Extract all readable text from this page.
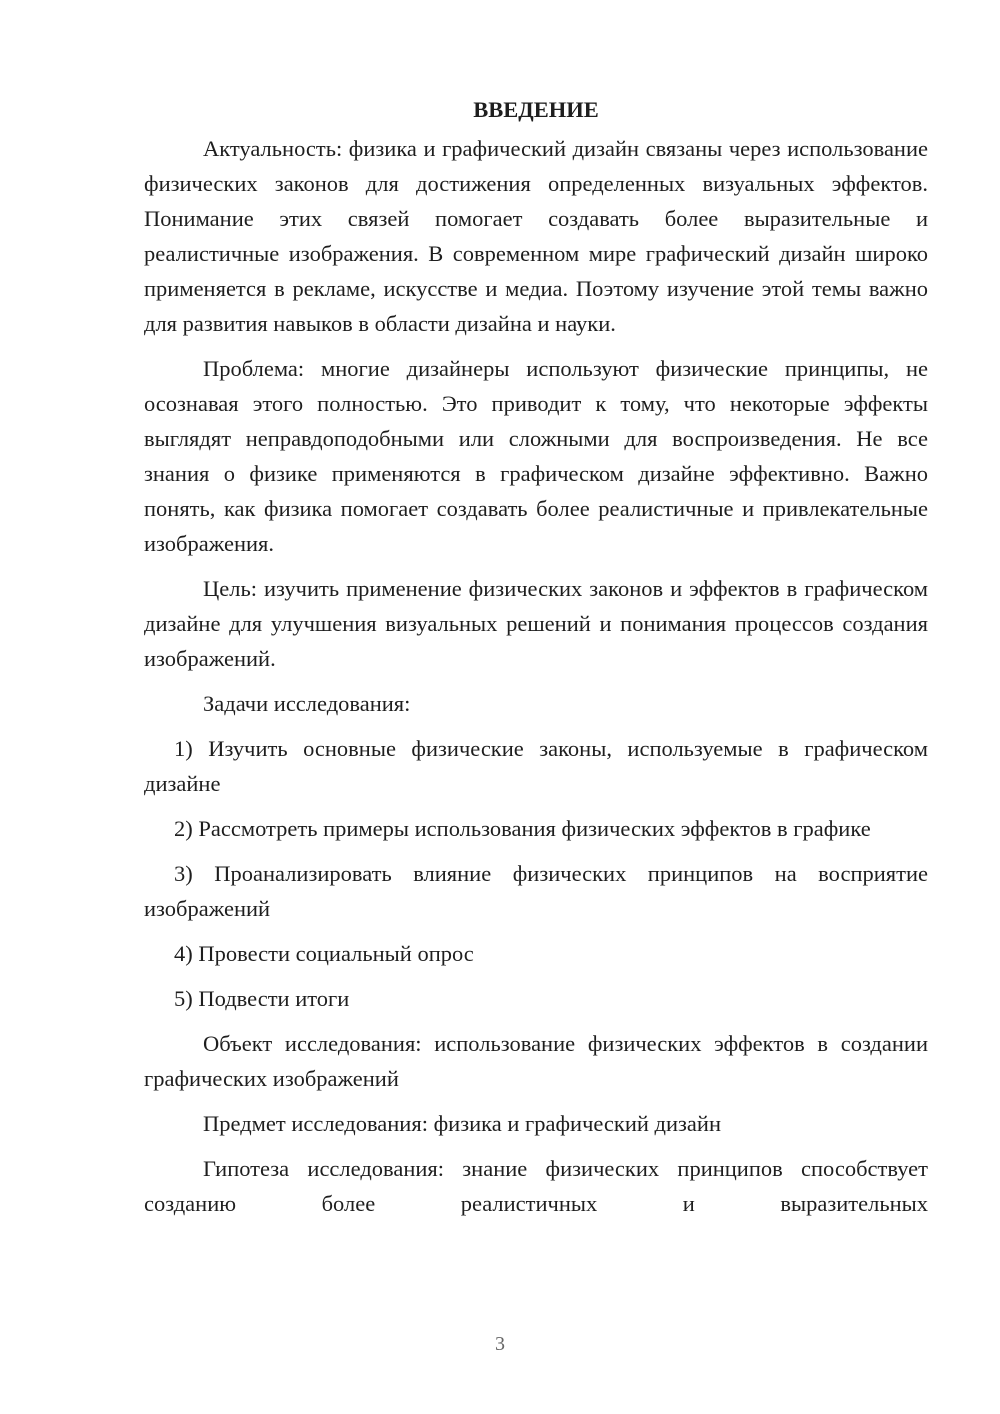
ВВЕДЕНИЕ

Актуальность: физика и графический дизайн связаны через использование физических законов для достижения определенных визуальных эффектов. Понимание этих связей помогает создавать более выразительные и реалистичные изображения. В современном мире графический дизайн широко применяется в рекламе, искусстве и медиа. Поэтому изучение этой темы важно для развития навыков в области дизайна и науки.

Проблема: многие дизайнеры используют физические принципы, не осознавая этого полностью. Это приводит к тому, что некоторые эффекты выглядят неправдоподобными или сложными для воспроизведения. Не все знания о физике применяются в графическом дизайне эффективно. Важно понять, как физика помогает создавать более реалистичные и привлекательные изображения.

Цель: изучить применение физических законов и эффектов в графическом дизайне для улучшения визуальных решений и понимания процессов создания изображений.

Задачи исследования:

1) Изучить основные физические законы, используемые в графическом дизайне

2) Рассмотреть примеры использования физических эффектов в графике

3) Проанализировать влияние физических принципов на восприятие изображений

4) Провести социальный опрос

5) Подвести итоги

Объект исследования: использование физических эффектов в создании графических изображений

Предмет исследования: физика и графический дизайн

Гипотеза исследования: знание физических принципов способствует созданию более реалистичных и выразительных

3
